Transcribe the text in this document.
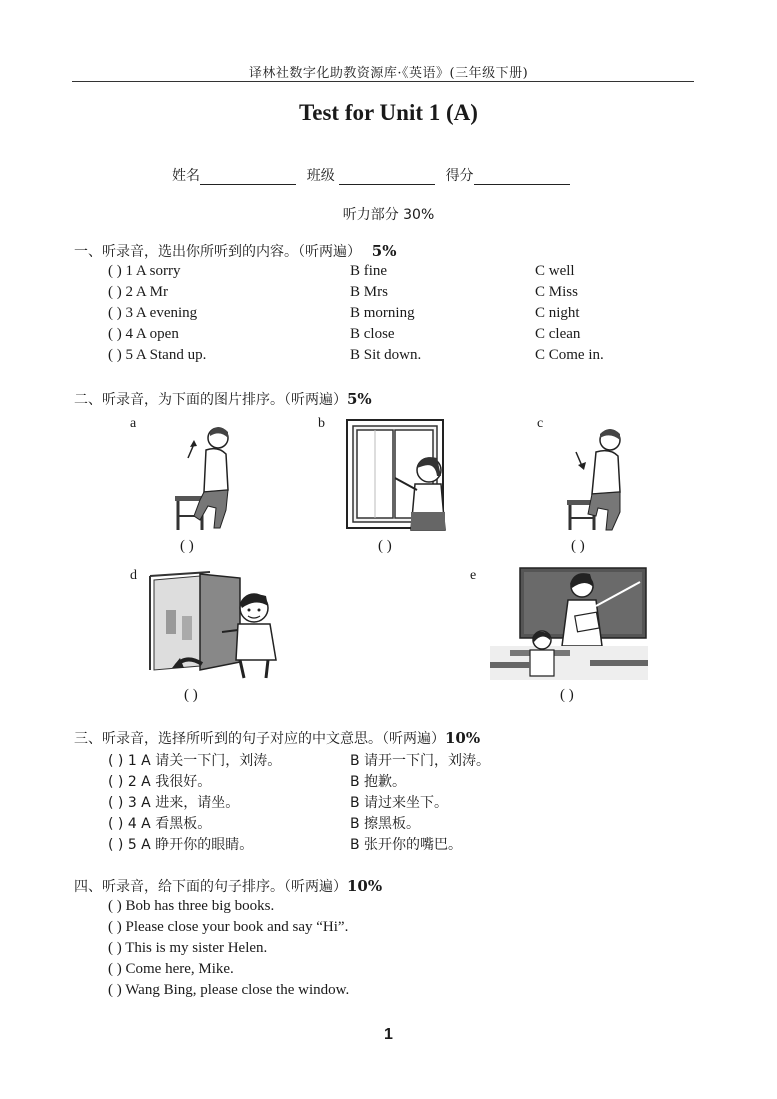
译林社数字化助教资源库·《英语》(三年级下册)
Test for Unit 1 (A)
姓名	班级	得分
听力部分 30%
一、听录音，选出你所听到的内容。（听两遍） 5%
( ) 1 A sorry	B fine	C well
( ) 2 A Mr	B Mrs	C Miss
( ) 3 A evening	B morning	C night
( ) 4 A open	B close	C clean
( ) 5 A Stand up.	B Sit down.	C Come in.
二、听录音，为下面的图片排序。（听两遍）5%
a	b	c
( )	( )	( )
d	e
( )	( )
三、听录音，选择所听到的句子对应的中文意思。（听两遍）10%
( ) 1 A 请关一下门，刘涛。	B 请开一下门，刘涛。
( ) 2 A 我很好。	B 抱歉。
( ) 3 A 进来，请坐。	B 请过来坐下。
( ) 4 A 看黑板。	B 擦黑板。
( ) 5 A 睁开你的眼睛。	B 张开你的嘴巴。
四、听录音，给下面的句子排序。（听两遍）10%
( ) Bob has three big books.
( ) Please close your book and say “Hi”.
( ) This is my sister Helen.
( ) Come here, Mike.
( ) Wang Bing, please close the window.
1
